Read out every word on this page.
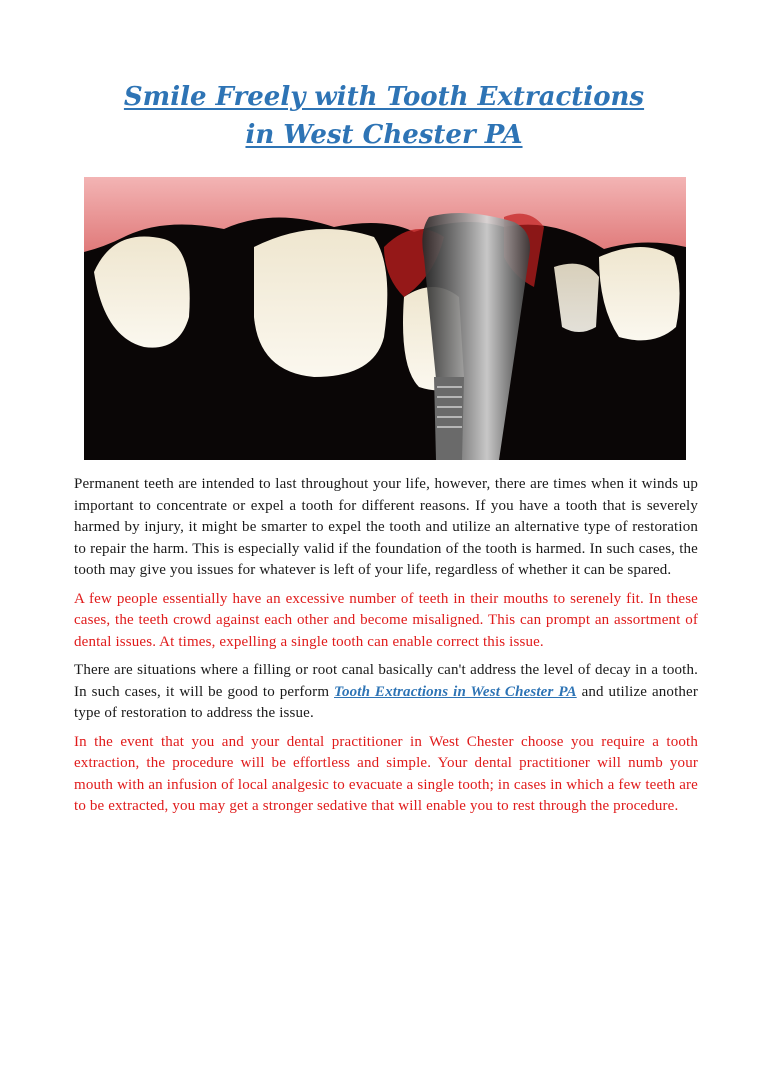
Smile Freely with Tooth Extractions
in West Chester PA

Permanent teeth are intended to last throughout your life, however, there are times when it winds up important to concentrate or expel a tooth for different reasons. If you have a tooth that is severely harmed by injury, it might be smarter to expel the tooth and utilize an alternative type of restoration to repair the harm. This is especially valid if the foundation of the tooth is harmed. In such cases, the tooth may give you issues for whatever is left of your life, regardless of whether it can be spared.

A few people essentially have an excessive number of teeth in their mouths to serenely fit. In these cases, the teeth crowd against each other and become misaligned. This can prompt an assortment of dental issues. At times, expelling a single tooth can enable correct this issue.

There are situations where a filling or root canal basically can't address the level of decay in a tooth. In such cases, it will be good to perform Tooth Extractions in West Chester PA and utilize another type of restoration to address the issue.

In the event that you and your dental practitioner in West Chester choose you require a tooth extraction, the procedure will be effortless and simple. Your dental practitioner will numb your mouth with an infusion of local analgesic to evacuate a single tooth; in cases in which a few teeth are to be extracted, you may get a stronger sedative that will enable you to rest through the procedure.
